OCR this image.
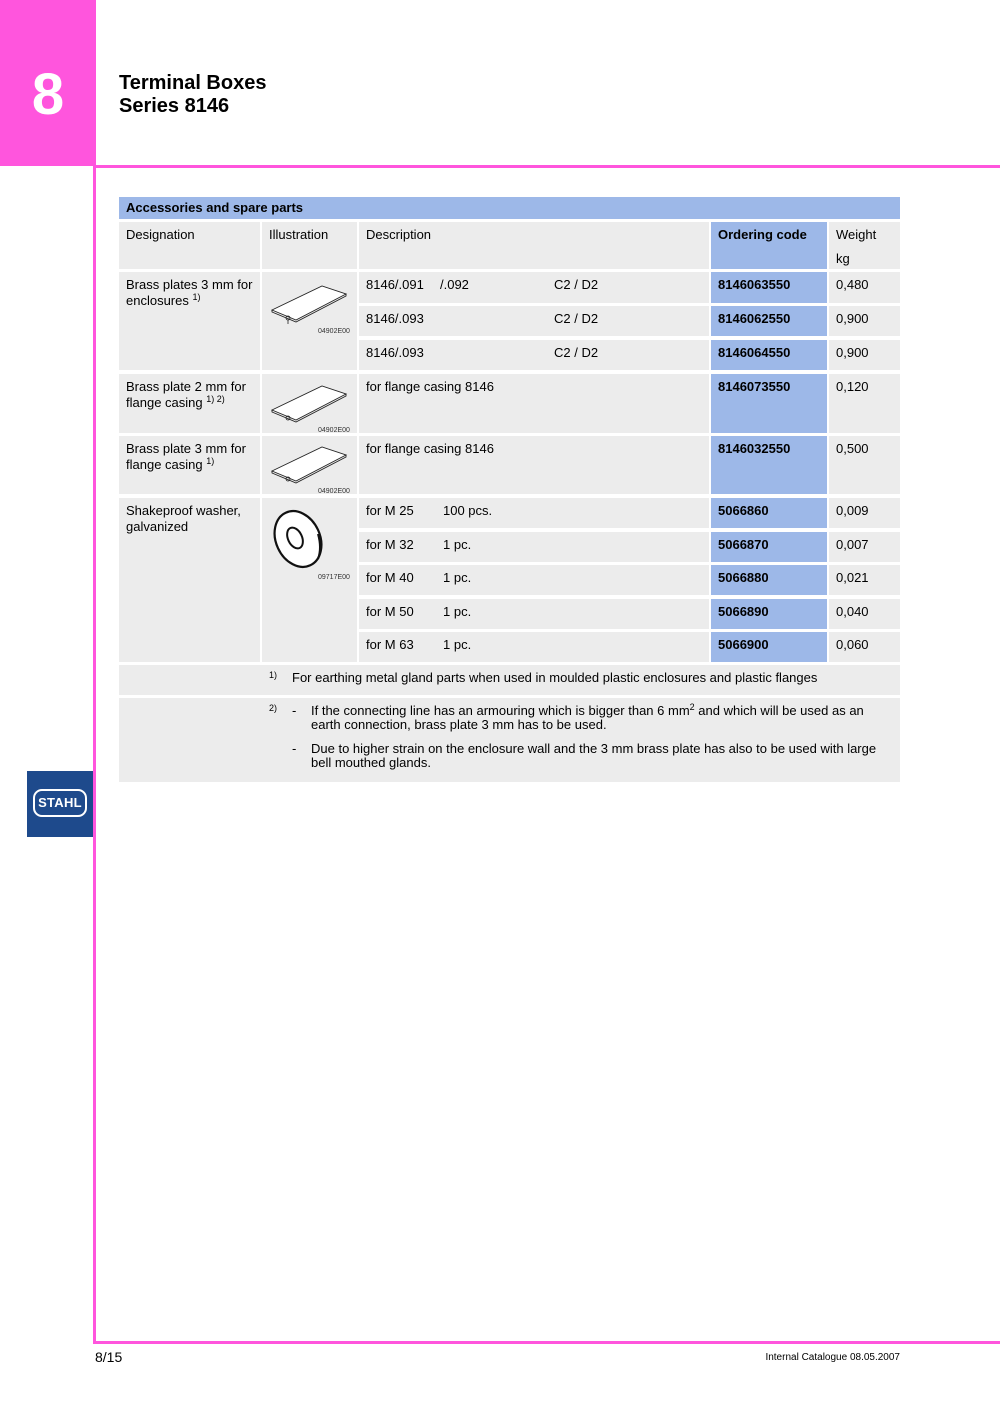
8	Terminal Boxes
Series 8146
STAHL
Accessories and spare parts
Designation	Illustration	Description	Ordering code	Weight
kg
Brass plates 3 mm for enclosures $^{1)}$
04902E00
8146/.091 /.092	C2 / D2	8146063550	0,480
8146/.093	C2 / D2	8146062550	0,900
8146/.093	C2 / D2	8146064550	0,900
Brass plate 2 mm for flange casing $^{1) 2)}$
04902E00
for flange casing 8146	8146073550	0,120
Brass plate 3 mm for flange casing $^{1)}$
04902E00
for flange casing 8146	8146032550	0,500
Shakeproof washer, galvanized
09717E00
for M 25 100 pcs.	5066860	0,009
for M 32 1 pc.	5066870	0,007
for M 40 1 pc.	5066880	0,021
for M 50 1 pc.	5066890	0,040
for M 63 1 pc.	5066900	0,060
1) For earthing metal gland parts when used in moulded plastic enclosures and plastic flanges
2) - If the connecting line has an armouring which is bigger than 6 $mm^2$ and which will be used as an earth connection, brass plate 3 mm has to be used.
- Due to higher strain on the enclosure wall and the 3 mm brass plate has also to be used with large bell mouthed glands.
8/15	Internal Catalogue 08.05.2007
